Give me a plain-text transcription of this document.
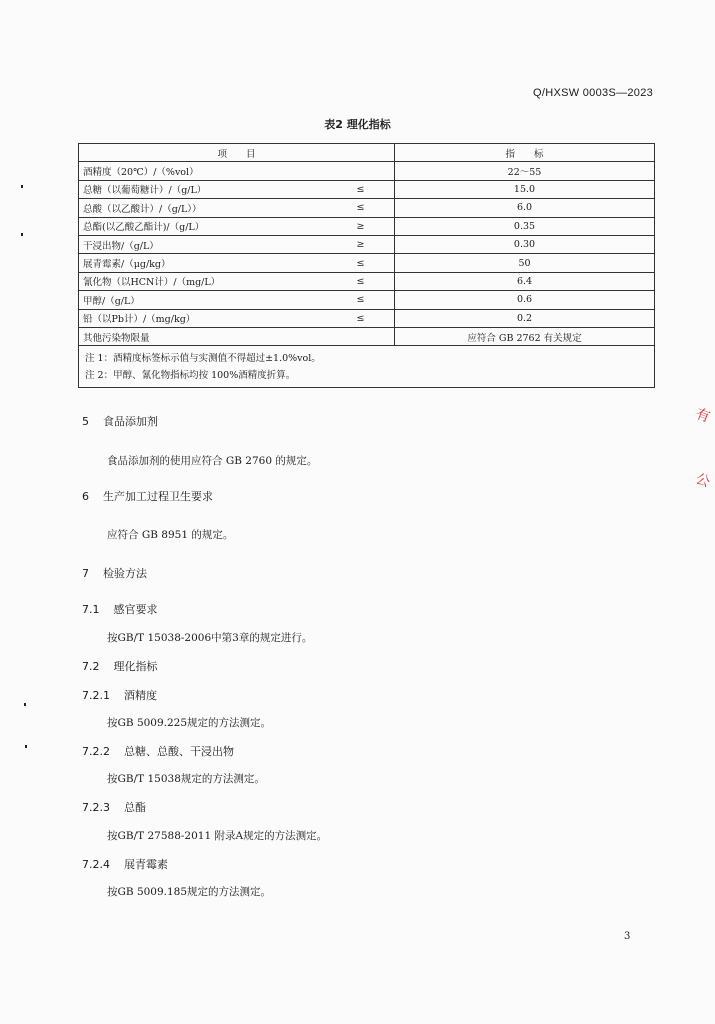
Q/HXSW 0003S—2023
表2 理化指标
项　　目		指　　标
酒精度（20℃）/（%vol）		22～55
总糖（以葡萄糖计）/（g/L）	≤	15.0
总酸（以乙酸计）/（g/L））	≤	6.0
总酯(以乙酸乙酯计)/（g/L）	≥	0.35
干浸出物/（g/L）	≥	0.30
展青霉素/（μg/kg）	≤	50
氰化物（以HCN计）/（mg/L）	≤	6.4
甲醇/（g/L）	≤	0.6
铅（以Pb计）/（mg/kg）	≤	0.2
其他污染物限量		应符合 GB 2762 有关规定

注 1：酒精度标签标示值与实测值不得超过±1.0%vol。
注 2：甲醇、氰化物指标均按 100%酒精度折算。		
5 食品添加剂
食品添加剂的使用应符合 GB 2760 的规定。
6 生产加工过程卫生要求
应符合 GB 8951 的规定。
7 检验方法
7.1 感官要求
按GB/T 15038-2006中第3章的规定进行。
7.2 理化指标
7.2.1 酒精度
按GB 5009.225规定的方法测定。
7.2.2 总糖、总酸、干浸出物
按GB/T 15038规定的方法测定。
7.2.3 总酯
按GB/T 27588-2011 附录A规定的方法测定。
7.2.4 展青霉素
按GB 5009.185规定的方法测定。
3
有
公
